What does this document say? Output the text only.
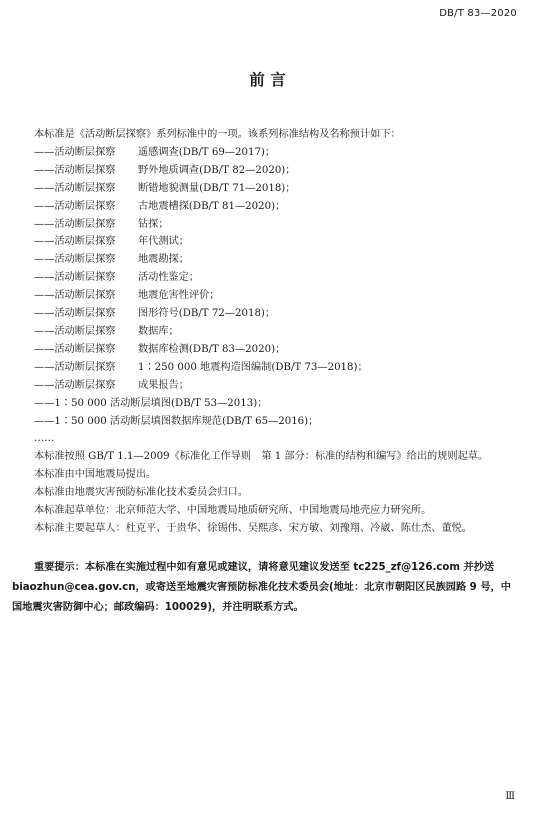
DB/T 83—2020
前 言
本标准是《活动断层探察》系列标准中的一项。该系列标准结构及名称预计如下：
——活动断层探察 遥感调查(DB/T 69—2017)；
——活动断层探察 野外地质调查(DB/T 82—2020)；
——活动断层探察 断错地貌测量(DB/T 71—2018)；
——活动断层探察 古地震槽探(DB/T 81—2020)；
——活动断层探察 钻探；
——活动断层探察 年代测试；
——活动断层探察 地震勘探；
——活动断层探察 活动性鉴定；
——活动断层探察 地震危害性评价；
——活动断层探察 图形符号(DB/T 72—2018)；
——活动断层探察 数据库；
——活动断层探察 数据库检测(DB/T 83—2020)；
——活动断层探察 1∶250 000 地震构造图编制(DB/T 73—2018)；
——活动断层探察 成果报告；
——1∶50 000 活动断层填图(DB/T 53—2013)；
——1∶50 000 活动断层填图数据库规范(DB/T 65—2016)；
……
本标准按照 GB/T 1.1—2009《标准化工作导则　第 1 部分：标准的结构和编写》给出的规则起草。
本标准由中国地震局提出。
本标准由地震灾害预防标准化技术委员会归口。
本标准起草单位：北京师范大学、中国地震局地质研究所、中国地震局地壳应力研究所。
本标准主要起草人：杜克平、于贵华、徐锡伟、吴熙彦、宋方敏、刘豫翔、冷崴、陈仕杰、董悦。

重要提示：本标准在实施过程中如有意见或建议，请将意见建议发送至 tc225_zf@126.com 并抄送

biaozhun@cea.gov.cn，或寄送至地震灾害预防标准化技术委员会(地址：北京市朝阳区民族园路 9 号，中

国地震灾害防御中心；邮政编码：100029)，并注明联系方式。

Ⅲ
